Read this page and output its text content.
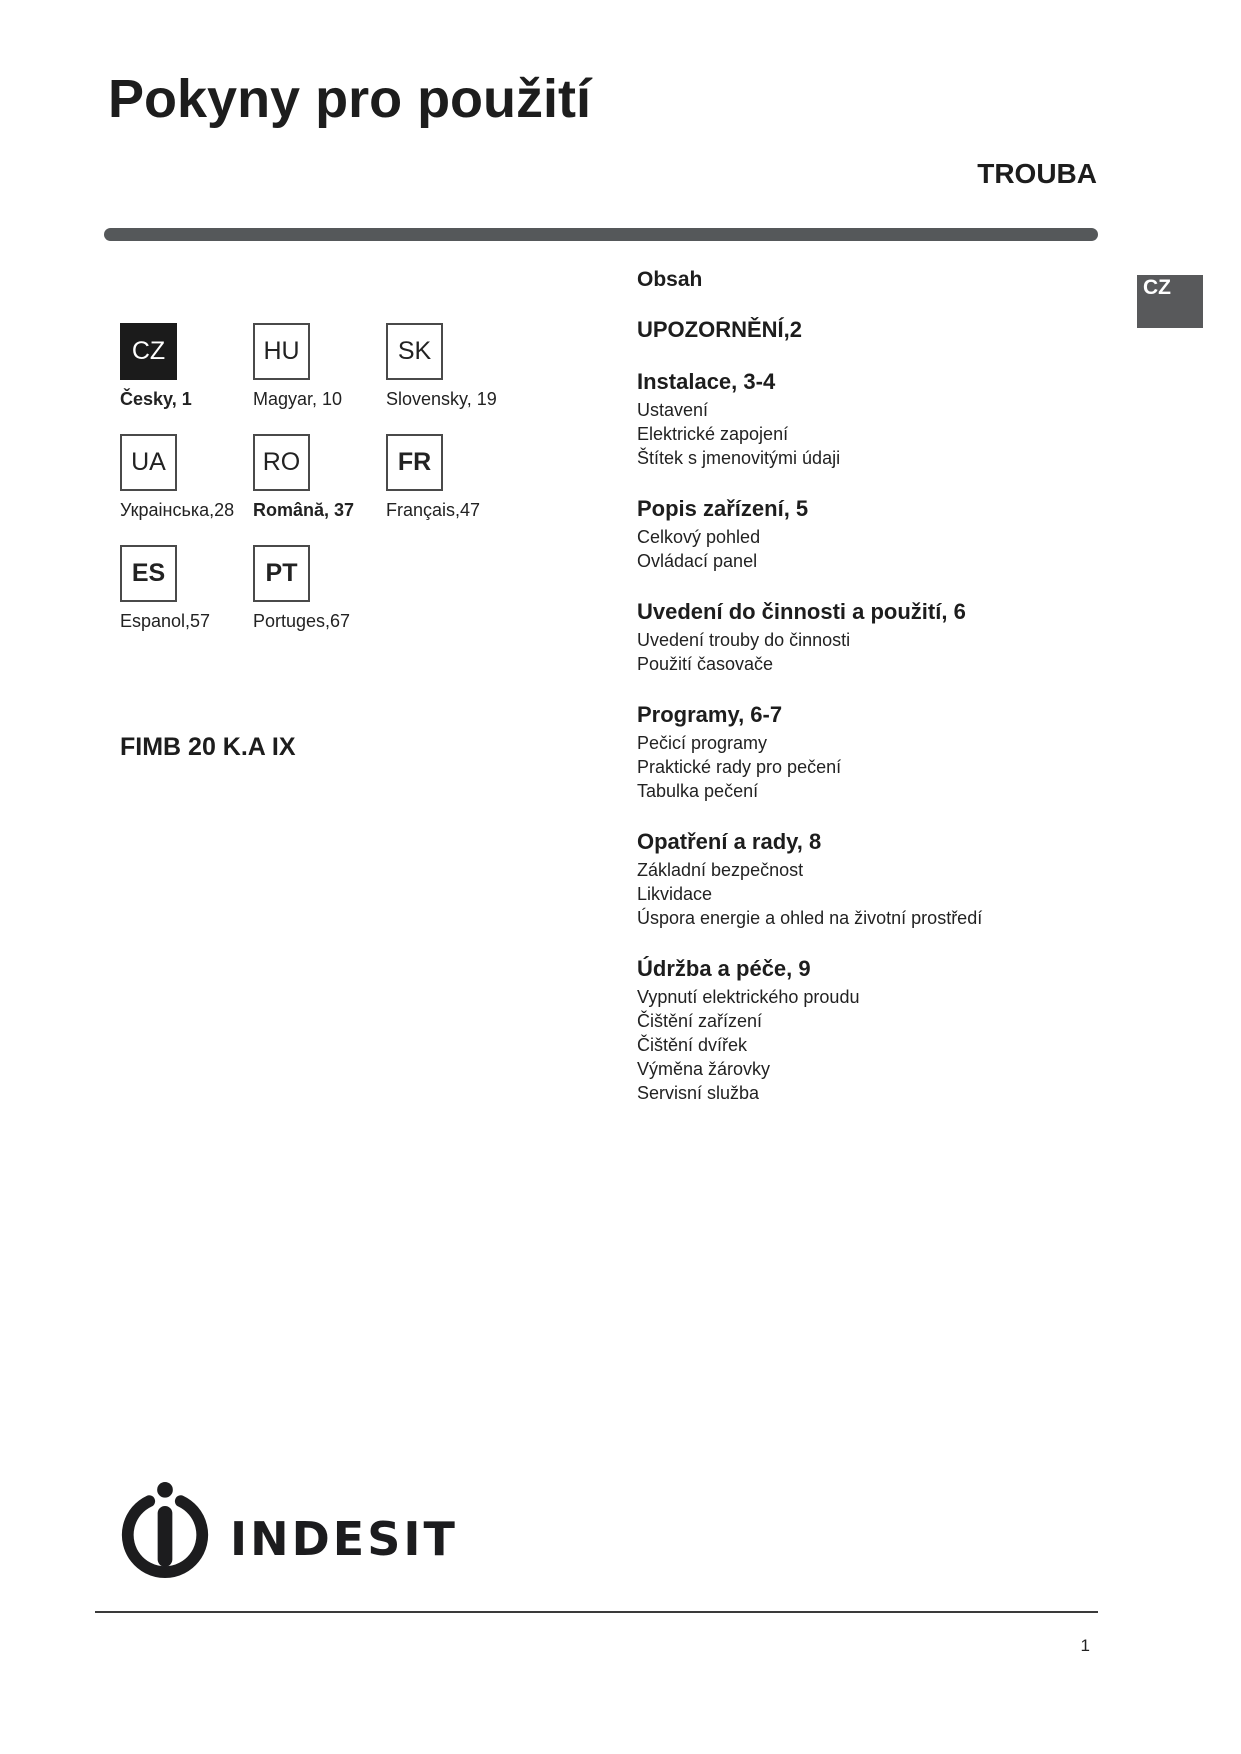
Pokyny pro použití
TROUBA
CZ
CZ
Česky, 1
HU
Magyar, 10
SK
Slovensky, 19
UA
Украінська,28
RO
Română, 37
FR
Français,47
ES
Espanol,57
PT
Portuges,67
FIMB 20 K.A IX
Obsah
UPOZORNĚNÍ,2
Instalace, 3-4
Ustavení
Elektrické zapojení
Štítek s jmenovitými údaji
Popis zařízení, 5
Celkový pohled
Ovládací panel
Uvedení do činnosti a použití, 6
Uvedení trouby do činnosti
Použití časovače
Programy, 6-7
Pečicí programy
Praktické rady pro pečení
Tabulka pečení
Opatření a rady, 8
Základní bezpečnost
Likvidace
Úspora energie a ohled na životní prostředí
Údržba a péče, 9
Vypnutí elektrického proudu
Čištění zařízení
Čištění dvířek
Výměna žárovky
Servisní služba
INDESIT
1
